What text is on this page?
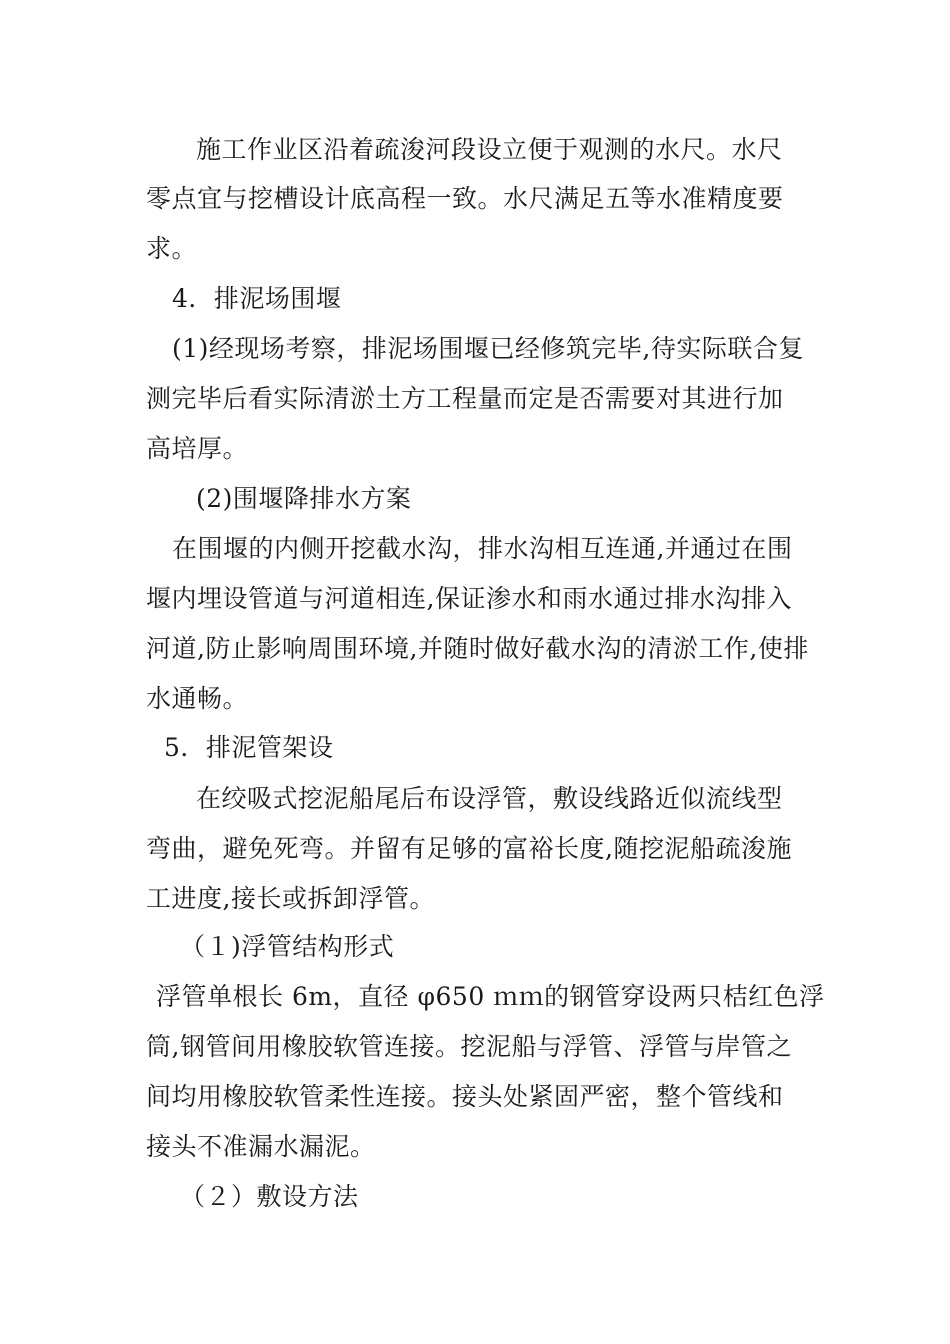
施工作业区沿着疏浚河段设立便于观测的水尺。水尺
零点宜与挖槽设计底高程一致。水尺满足五等水准精度要
求。
4．排泥场围堰
(1)经现场考察，排泥场围堰已经修筑完毕,待实际联合复
测完毕后看实际清淤土方工程量而定是否需要对其进行加
高培厚。
(2)围堰降排水方案
在围堰的内侧开挖截水沟，排水沟相互连通,并通过在围
堰内埋设管道与河道相连,保证渗水和雨水通过排水沟排入
河道,防止影响周围环境,并随时做好截水沟的清淤工作,使排
水通畅。
5．排泥管架设
在绞吸式挖泥船尾后布设浮管，敷设线路近似流线型
弯曲，避免死弯。并留有足够的富裕长度,随挖泥船疏浚施
工进度,接长或拆卸浮管。
（１)浮管结构形式
浮管单根长 6m，直径 φ650 ｍｍ的钢管穿设两只桔红色浮
筒,钢管间用橡胶软管连接。挖泥船与浮管、浮管与岸管之
间均用橡胶软管柔性连接。接头处紧固严密，整个管线和
接头不准漏水漏泥。
（２）敷设方法
